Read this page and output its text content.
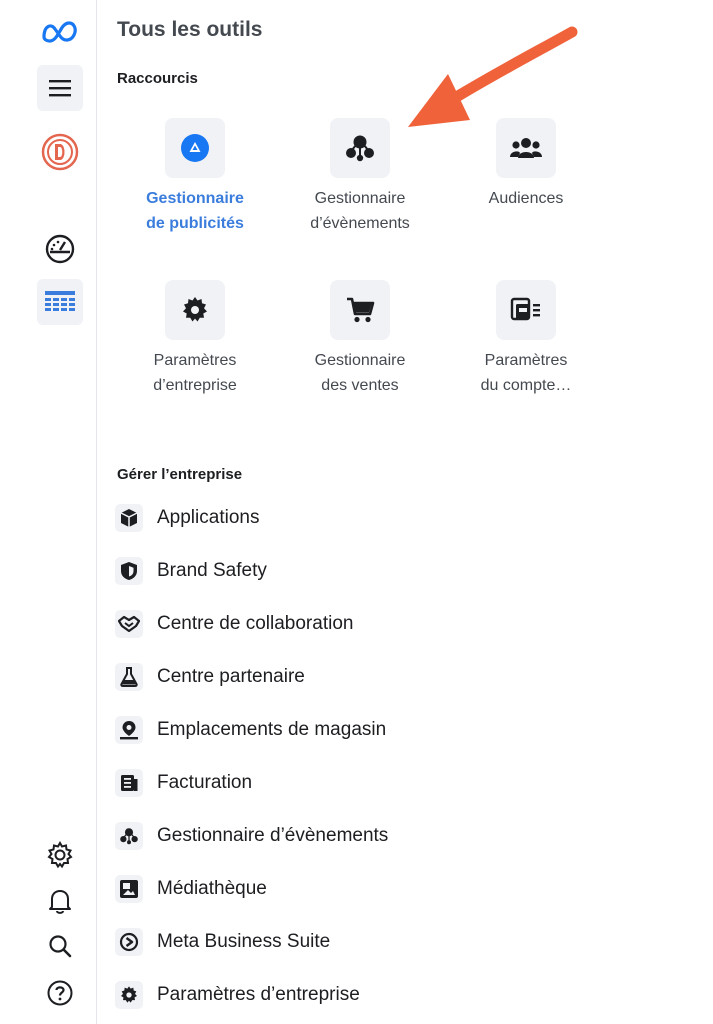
Tous les outils
Raccourcis
Gestionnaire
de publicités
Gestionnaire
d’évènements
Audiences
Paramètres
d’entreprise
Gestionnaire
des ventes
Paramètres
du compte…
Gérer l’entreprise
Applications
Brand Safety
Centre de collaboration
Centre partenaire
Emplacements de magasin
Facturation
Gestionnaire d’évènements
Médiathèque
Meta Business Suite
Paramètres d’entreprise
